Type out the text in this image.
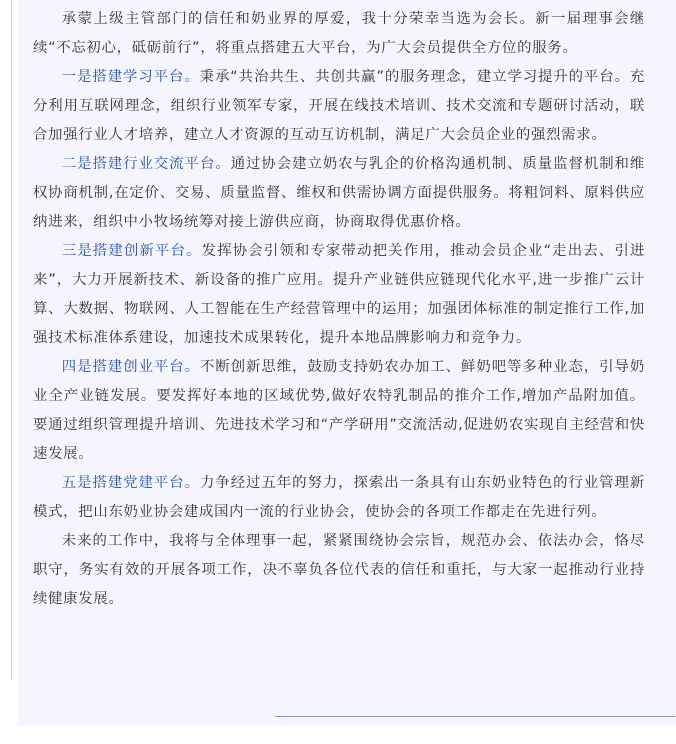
承蒙上级主管部门的信任和奶业界的厚爱，我十分荣幸当选为会长。新一届理事会继续“不忘初心，砥砺前行”，将重点搭建五大平台，为广大会员提供全方位的服务。

一是搭建学习平台。秉承“共治共生、共创共赢”的服务理念，建立学习提升的平台。充分利用互联网理念，组织行业领军专家，开展在线技术培训、技术交流和专题研讨活动，联合加强行业人才培养，建立人才资源的互动互访机制，满足广大会员企业的强烈需求。

二是搭建行业交流平台。通过协会建立奶农与乳企的价格沟通机制、质量监督机制和维权协商机制,在定价、交易、质量监督、维权和供需协调方面提供服务。将粗饲料、原料供应纳进来，组织中小牧场统筹对接上游供应商，协商取得优惠价格。

三是搭建创新平台。发挥协会引领和专家带动把关作用，推动会员企业“走出去、引进来”，大力开展新技术、新设备的推广应用。提升产业链供应链现代化水平,进一步推广云计算、大数据、物联网、人工智能在生产经营管理中的运用；加强团体标准的制定推行工作,加强技术标准体系建设，加速技术成果转化，提升本地品牌影响力和竞争力。

四是搭建创业平台。不断创新思维，鼓励支持奶农办加工、鲜奶吧等多种业态，引导奶业全产业链发展。要发挥好本地的区域优势,做好农特乳制品的推介工作,增加产品附加值。要通过组织管理提升培训、先进技术学习和“产学研用”交流活动,促进奶农实现自主经营和快速发展。

五是搭建党建平台。力争经过五年的努力，探索出一条具有山东奶业特色的行业管理新模式，把山东奶业协会建成国内一流的行业协会，使协会的各项工作都走在先进行列。

未来的工作中，我将与全体理事一起，紧紧围绕协会宗旨，规范办会、依法办会，恪尽职守，务实有效的开展各项工作，决不辜负各位代表的信任和重托，与大家一起推动行业持续健康发展。
